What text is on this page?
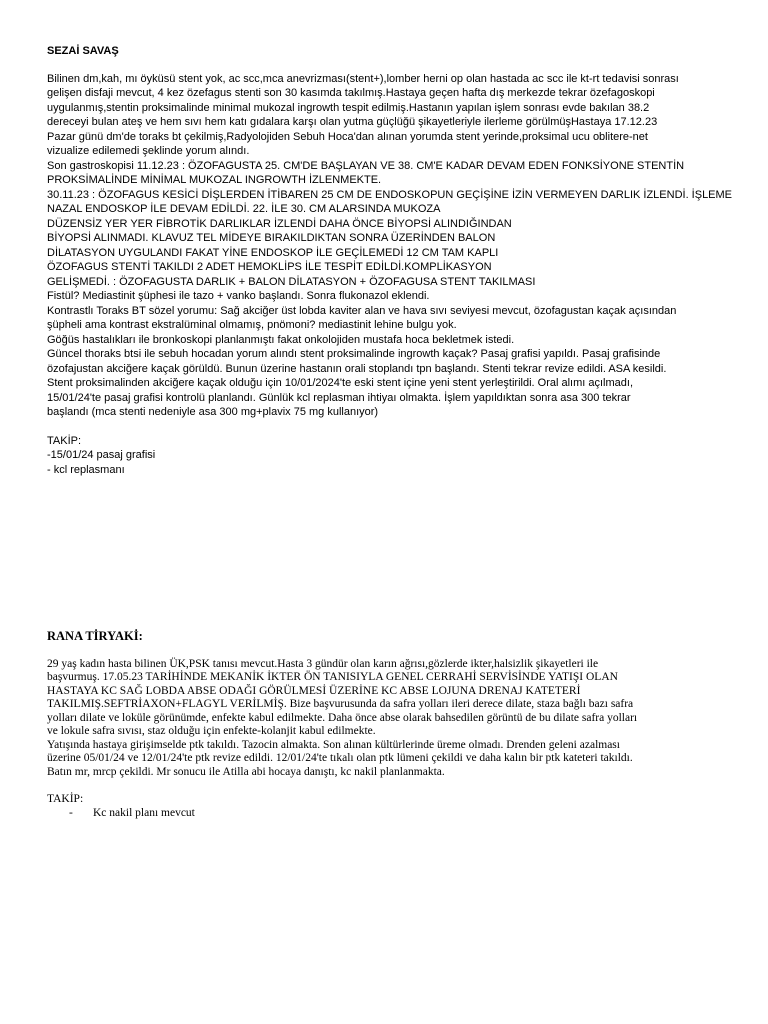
SEZAİ SAVAŞ

Bilinen dm,kah, mı öyküsü stent yok, ac scc,mca anevrizması(stent+),lomber herni op olan hastada ac scc ile kt-rt tedavisi sonrası

gelişen disfaji mevcut, 4 kez özefagus stenti son 30 kasımda takılmış.Hastaya geçen hafta dış merkezde tekrar özefagoskopi

uygulanmış,stentin proksimalinde minimal mukozal ingrowth tespit edilmiş.Hastanın yapılan işlem sonrası evde bakılan 38.2

dereceyi bulan ateş ve hem sıvı hem katı gıdalara karşı olan yutma güçlüğü şikayetleriyle ilerleme görülmüşHastaya 17.12.23

Pazar günü dm'de toraks bt çekilmiş,Radyolojiden Sebuh Hoca'dan alınan yorumda stent yerinde,proksimal ucu oblitere-net

vizualize edilemedi şeklinde yorum alındı.

Son gastroskopisi 11.12.23 : ÖZOFAGUSTA 25. CM'DE BAŞLAYAN VE 38. CM'E KADAR DEVAM EDEN FONKSİYONE STENTİN

PROKSİMALİNDE MİNİMAL MUKOZAL INGROWTH İZLENMEKTE.

30.11.23 : ÖZOFAGUS KESİCİ DİŞLERDEN İTİBAREN 25 CM DE ENDOSKOPUN GEÇİŞİNE İZİN VERMEYEN DARLIK İZLENDİ. İŞLEME

NAZAL ENDOSKOP İLE DEVAM EDİLDİ. 22. İLE 30. CM ALARSINDA MUKOZA

DÜZENSİZ YER YER FİBROTİK DARLIKLAR İZLENDİ DAHA ÖNCE BİYOPSİ ALINDIĞINDAN

BİYOPSİ ALINMADI. KLAVUZ TEL MİDEYE BIRAKILDIKTAN SONRA ÜZERİNDEN BALON

DİLATASYON UYGULANDI FAKAT YİNE ENDOSKOP İLE GEÇİLEMEDİ 12 CM TAM KAPLI

ÖZOFAGUS STENTİ TAKILDI 2 ADET HEMOKLİPS İLE TESPİT EDİLDİ.KOMPLİKASYON

GELİŞMEDİ. : ÖZOFAGUSTA DARLIK + BALON DİLATASYON + ÖZOFAGUSA STENT TAKILMASI

Fistül? Mediastinit şüphesi ile tazo + vanko başlandı. Sonra flukonazol eklendi.

Kontrastlı Toraks BT sözel yorumu: Sağ akciğer üst lobda kaviter alan ve hava sıvı seviyesi mevcut, özofagustan kaçak açısından

şüpheli ama kontrast ekstralüminal olmamış, pnömoni? mediastinit lehine bulgu yok.

Göğüs hastalıkları ile bronkoskopi planlanmıştı fakat onkolojiden mustafa hoca bekletmek istedi.

Güncel thoraks btsi ile sebuh hocadan yorum alındı stent proksimalinde ingrowth kaçak? Pasaj grafisi yapıldı. Pasaj grafisinde

özofajustan akciğere kaçak görüldü. Bunun üzerine hastanın orali stoplandı tpn başlandı. Stenti tekrar revize edildi. ASA kesildi.

Stent proksimalinden akciğere kaçak olduğu için 10/01/2024'te eski stent içine yeni stent yerleştirildi. Oral alımı açılmadı,

15/01/24'te pasaj grafisi kontrolü planlandı. Günlük kcl replasman ihtiyaı olmakta. İşlem yapıldıktan sonra asa 300 tekrar

başlandı (mca stenti nedeniyle asa 300 mg+plavix 75 mg kullanıyor)

TAKİP:

-15/01/24 pasaj grafisi

- kcl replasmanı

RANA TİRYAKİ:

29 yaş kadın hasta bilinen ÜK,PSK tanısı mevcut.Hasta 3 gündür olan karın ağrısı,gözlerde ikter,halsizlik şikayetleri ile

başvurmuş. 17.05.23 TARİHİNDE MEKANİK İKTER ÖN TANISIYLA GENEL CERRAHİ SERVİSİNDE YATIŞI OLAN

HASTAYA KC SAĞ LOBDA ABSE ODAĞI GÖRÜLMESİ ÜZERİNE KC ABSE LOJUNA DRENAJ KATETERİ

TAKILMIŞ.SEFTRİAXON+FLAGYL VERİLMİŞ. Bize başvurusunda da safra yolları ileri derece dilate, staza bağlı bazı safra

yolları dilate ve loküle görünümde, enfekte kabul edilmekte. Daha önce abse olarak bahsedilen görüntü de bu dilate safra yolları

ve lokule safra sıvısı, staz olduğu için enfekte-kolanjit kabul edilmekte.

Yatışında hastaya girişimselde ptk takıldı. Tazocin almakta. Son alınan kültürlerinde üreme olmadı. Drenden geleni azalması

üzerine 05/01/24 ve 12/01/24'te ptk revize edildi. 12/01/24'te tıkalı olan ptk lümeni çekildi ve daha kalın bir ptk kateteri takıldı.

Batın mr, mrcp çekildi. Mr sonucu ile Atilla abi hocaya danıştı, kc nakil planlanmakta.

TAKİP:

-	Kc nakil planı mevcut
